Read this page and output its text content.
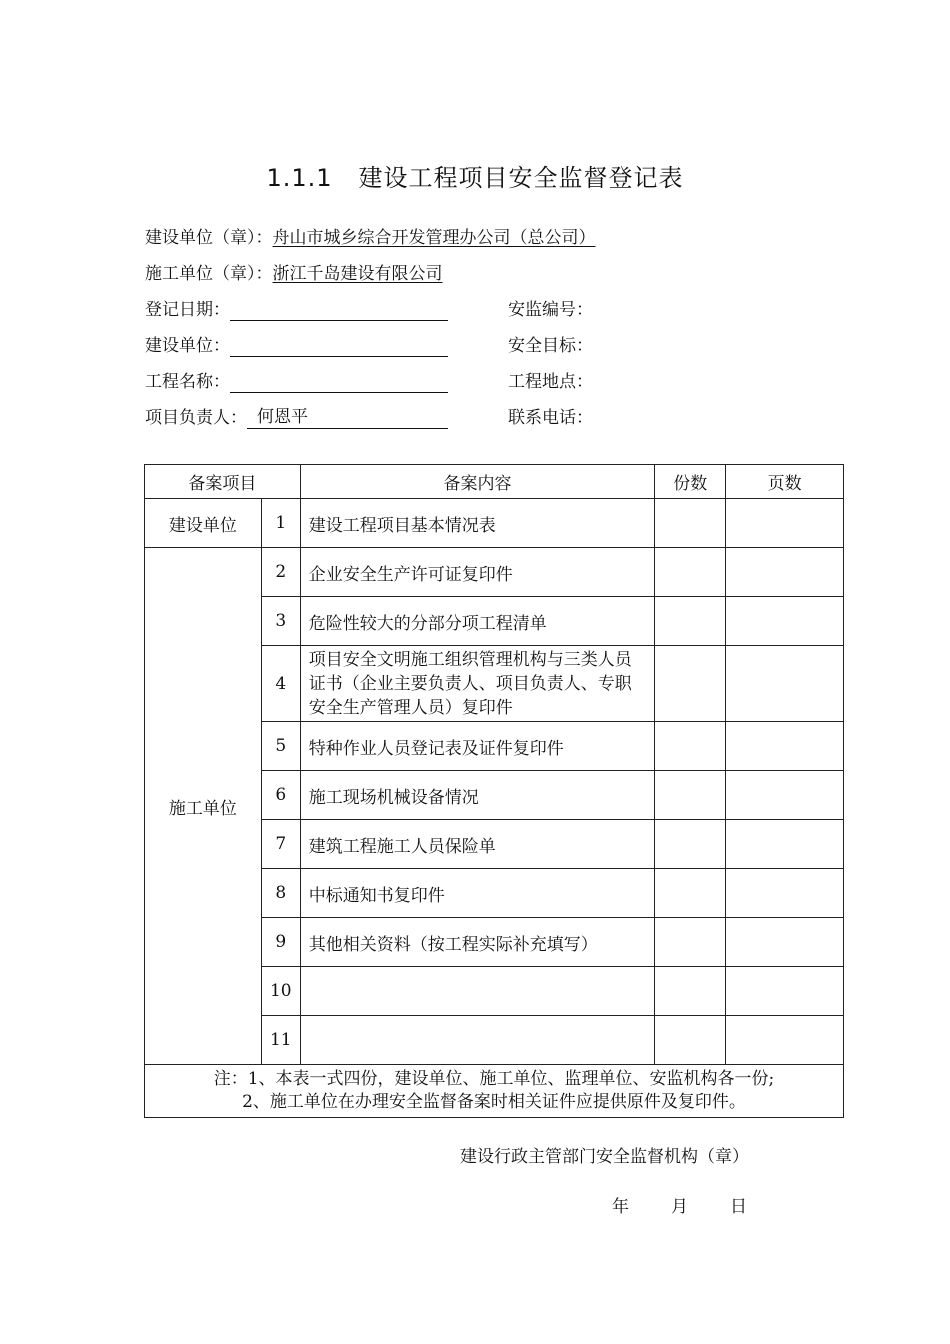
1.1.1 建设工程项目安全监督登记表
建设单位（章）：舟山市城乡综合开发管理办公司（总公司）
施工单位（章）：浙江千岛建设有限公司
登记日期：	安监编号：
建设单位：	安全目标：
工程名称：	工程地点：
项目负责人： 何恩平	联系电话：
备案项目		备案内容	份数	页数
建设单位	1	建设工程项目基本情况表		
施工单位	2	企业安全生产许可证复印件		
	3	危险性较大的分部分项工程清单		
	4	项目安全文明施工组织管理机构与三类人员证书（企业主要负责人、项目负责人、专职安全生产管理人员）复印件		
	5	特种作业人员登记表及证件复印件		
	6	施工现场机械设备情况		
	7	建筑工程施工人员保险单		
	8	中标通知书复印件		
	9	其他相关资料（按工程实际补充填写）		
	10			
	11			

注：1、本表一式四份，建设单位、施工单位、监理单位、安监机构各一份;
2、施工单位在办理安全监督备案时相关证件应提供原件及复印件。				
建设行政主管部门安全监督机构（章）
年 月 日
